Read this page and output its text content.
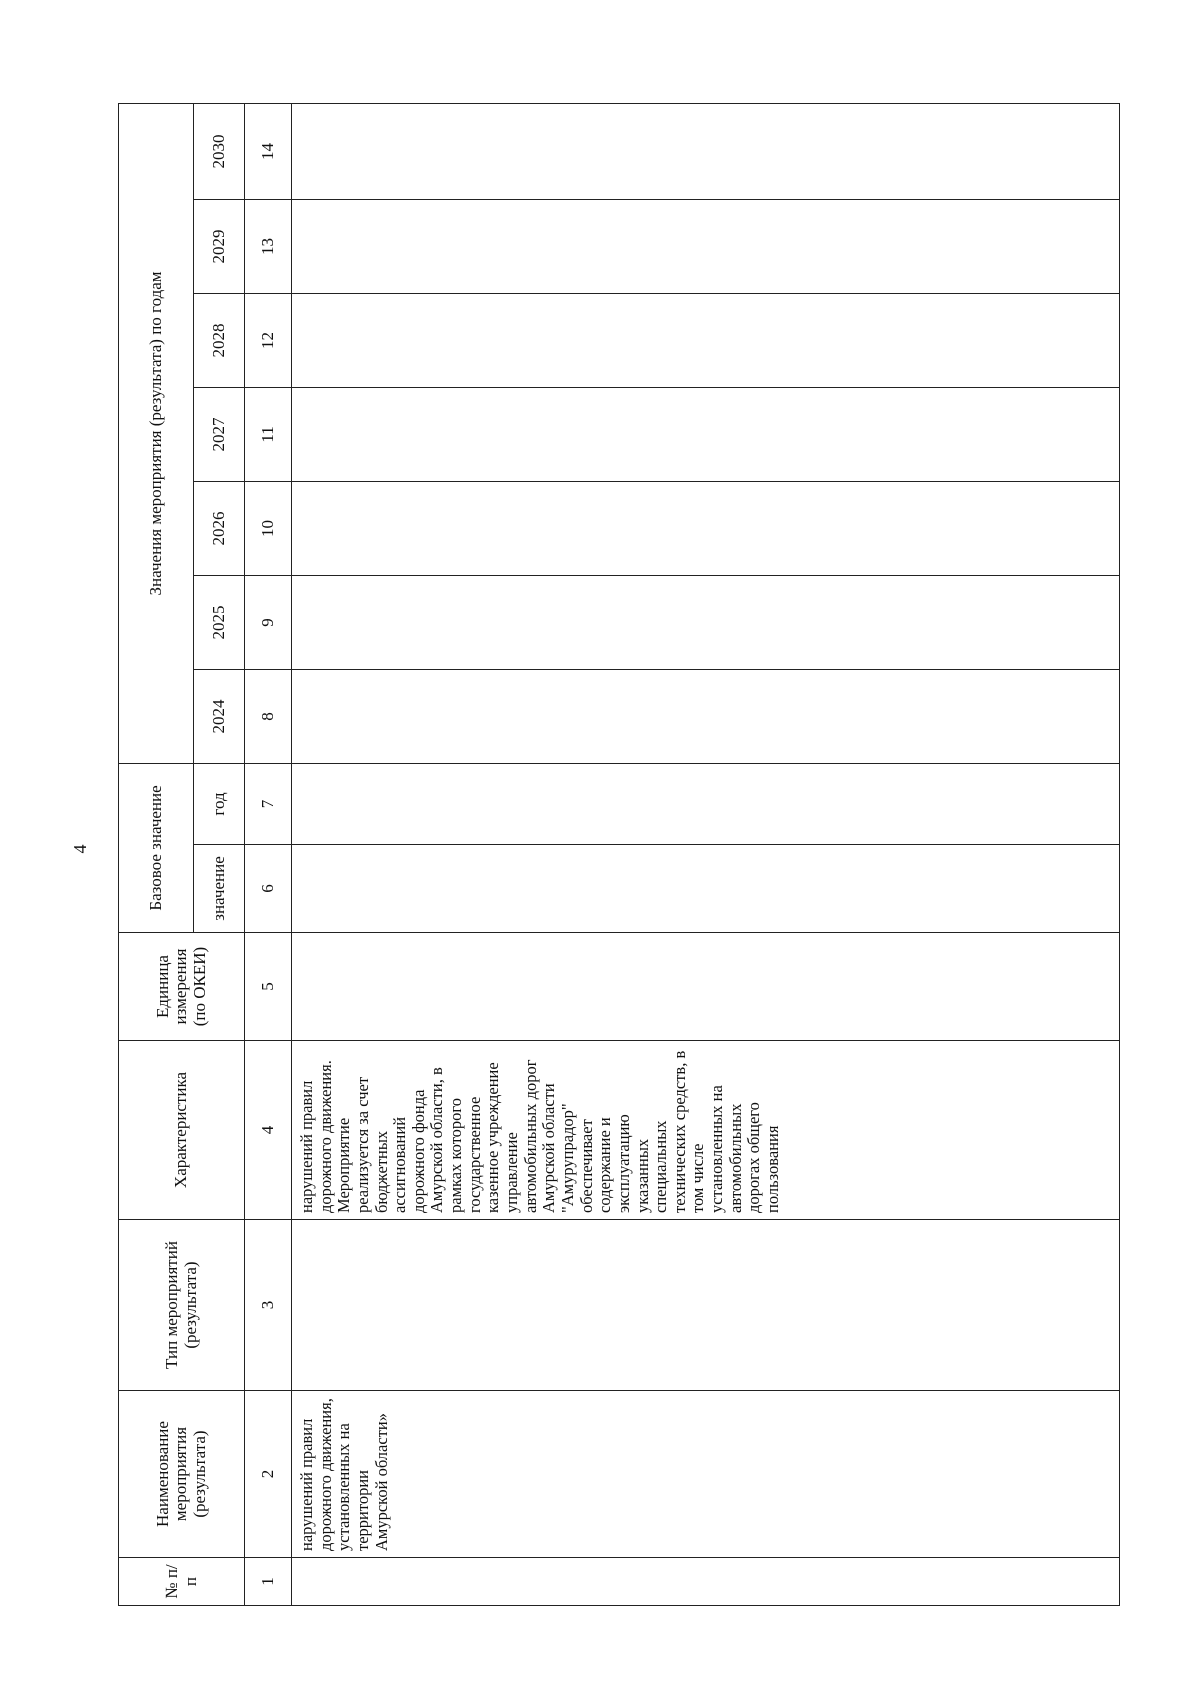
4
№ п/п	Наименование мероприятия (результата)	Тип мероприятий (результата)	Характеристика	Единица измерения (по ОКЕИ)	Базовое значение		Значения мероприятия (результата) по годам						
					значение	год	2024	2025	2026	2027	2028	2029	2030
1	2	3	4	5	6	7	8	9	10	11	12	13	14
	нарушений правил дорожного движения, установленных на территории Амурской области»		нарушений правил дорожного движения. Мероприятие реализуется за счет бюджетных ассигнований дорожного фонда Амурской области, в рамках которого государственное казенное учреждение управление автомобильных дорог Амурской области "Амурупрадор" обеспечивает содержание и эксплуатацию указанных специальных технических средств, в том числе установленных на автомобильных дорогах общего пользования										
